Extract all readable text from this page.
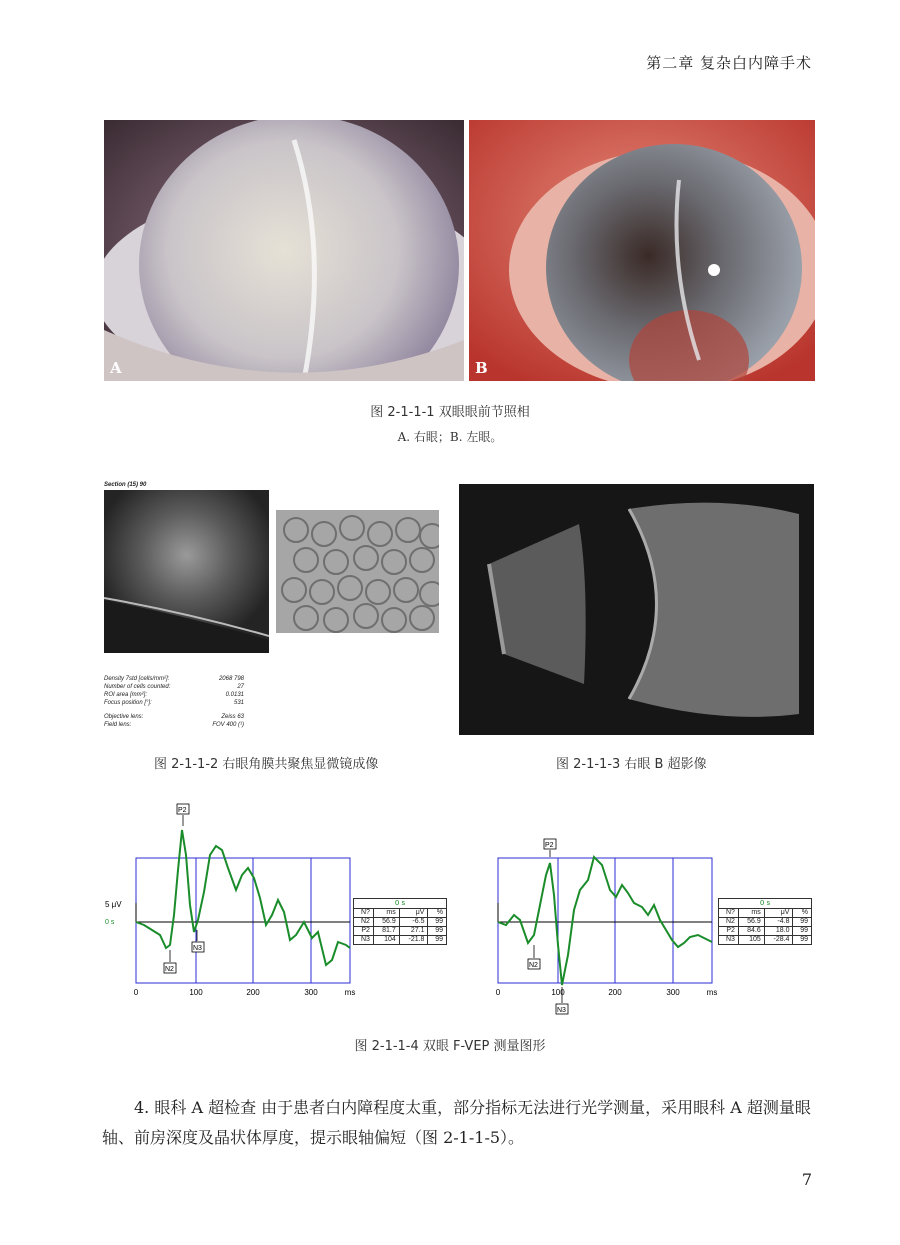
第二章 复杂白内障手术
A	B
图 2-1-1-1 双眼眼前节照相
A. 右眼；B. 左眼。
Section (15) 90
Density 7std [cells/mm²]:	2068 798
Number of cells counted:	27
ROI area [mm²]:	0.0131
Focus position [°]:	531
Objective lens:	Zeiss 63
Field lens:	FOV 400 (¹)
图 2-1-1-2 右眼角膜共聚焦显微镜成像	图 2-1-1-3 右眼 B 超影像
5 μV
0 s
P2
N2
N3
0	100	200	300	ms
0 s
N?	ms	μV	%
N2	56.9	-6.5	99
P2	81.7	27.1	99
N3	104	-21.8	99
P2
N2
N3
0	100	200	300	ms
0 s
N?	ms	μV	%
N2	56.9	-4.8	99
P2	84.6	18.0	99
N3	105	-28.4	99
图 2-1-1-4 双眼 F-VEP 测量图形
4. 眼科 A 超检查 由于患者白内障程度太重，部分指标无法进行光学测量，采用眼科 A 超测量眼轴、前房深度及晶状体厚度，提示眼轴偏短（图 2-1-1-5）。
7
